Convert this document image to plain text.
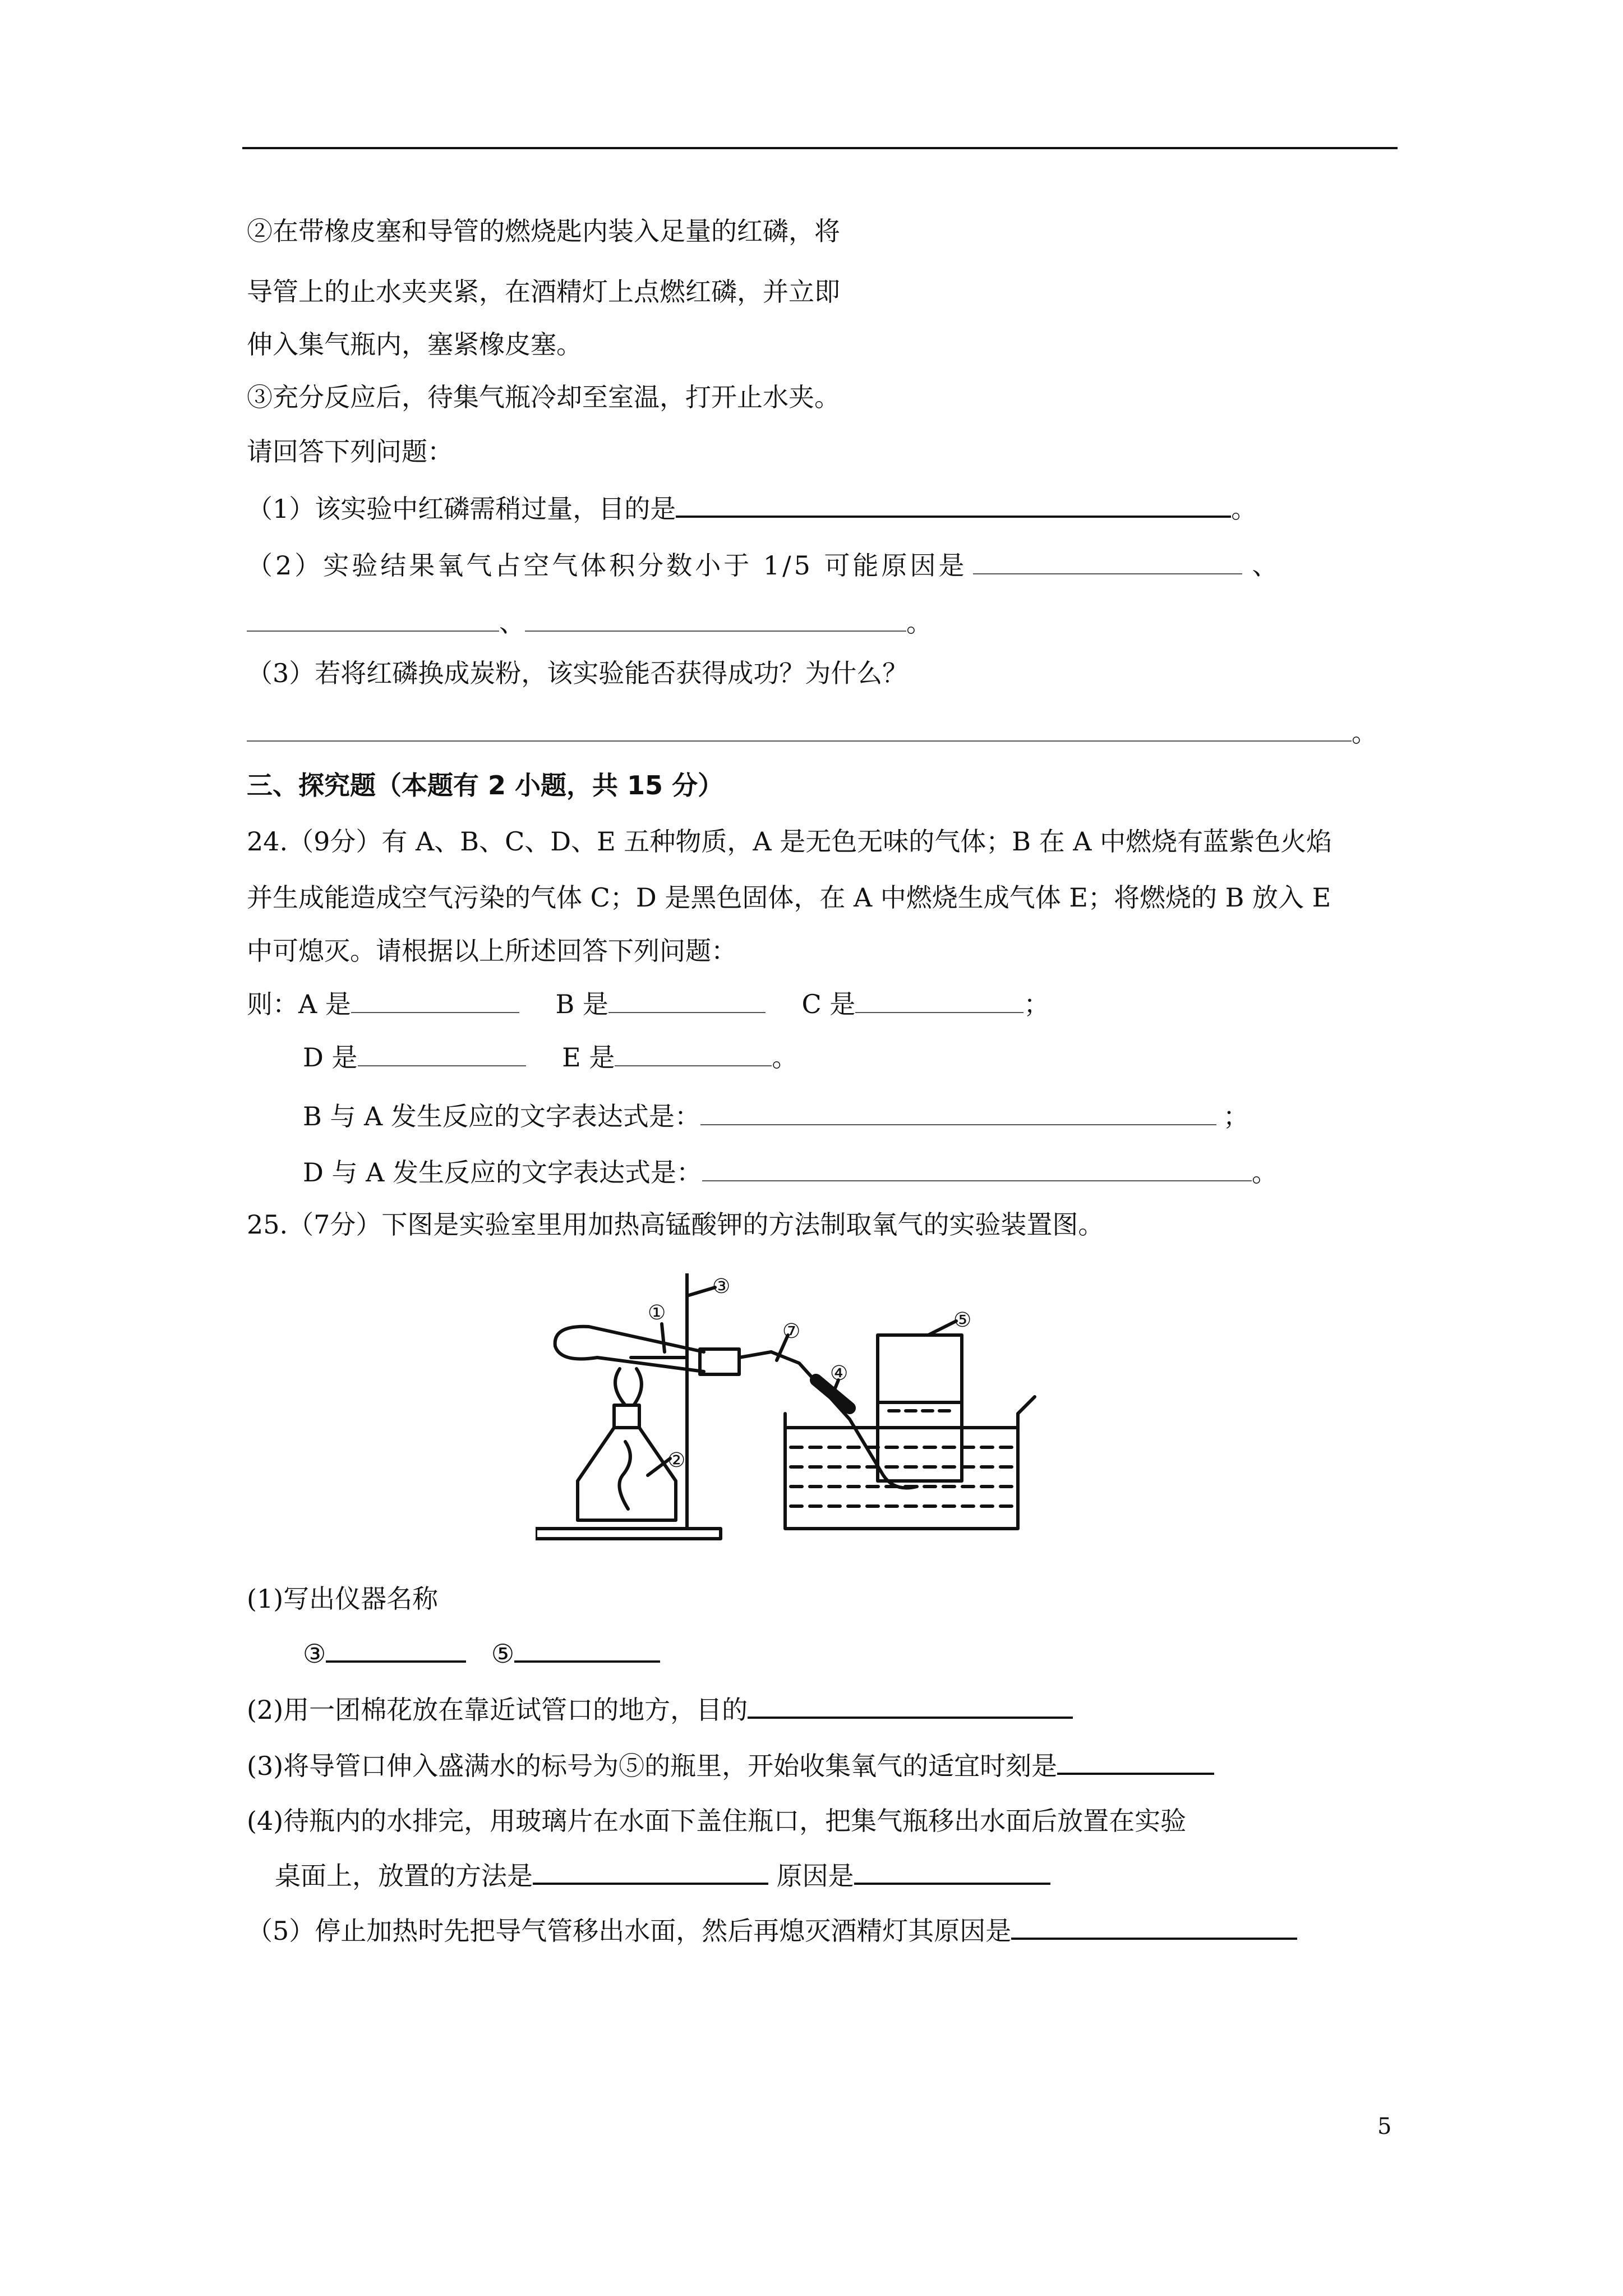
②在带橡皮塞和导管的燃烧匙内装入足量的红磷，将
导管上的止水夹夹紧，在酒精灯上点燃红磷，并立即
伸入集气瓶内，塞紧橡皮塞。
③充分反应后，待集气瓶冷却至室温，打开止水夹。
请回答下列问题：
（1）该实验中红磷需稍过量，目的是	。
（2）实验结果氧气占空气体积分数小于 1/5 可能原因是	、
、	。
（3）若将红磷换成炭粉，该实验能否获得成功？为什么？
。
三、探究题（本题有 2 小题，共 15 分）
24.（9分）有 A、B、C、D、E 五种物质，A 是无色无味的气体；B 在 A 中燃烧有蓝紫色火焰
并生成能造成空气污染的气体 C；D 是黑色固体，在 A 中燃烧生成气体 E；将燃烧的 B 放入 E
中可熄灭。请根据以上所述回答下列问题：
则：A 是	B 是	C 是	；
D 是	E 是	。
B 与 A 发生反应的文字表达式是：	；
D 与 A 发生反应的文字表达式是：	。
25.（7分）下图是实验室里用加热高锰酸钾的方法制取氧气的实验装置图。
①
②
③
④
⑤
⑦
(1)写出仪器名称
③	⑤
(2)用一团棉花放在靠近试管口的地方，目的
(3)将导管口伸入盛满水的标号为⑤的瓶里，开始收集氧气的适宜时刻是
(4)待瓶内的水排完，用玻璃片在水面下盖住瓶口，把集气瓶移出水面后放置在实验
桌面上，放置的方法是	原因是
（5）停止加热时先把导气管移出水面，然后再熄灭酒精灯其原因是
5
